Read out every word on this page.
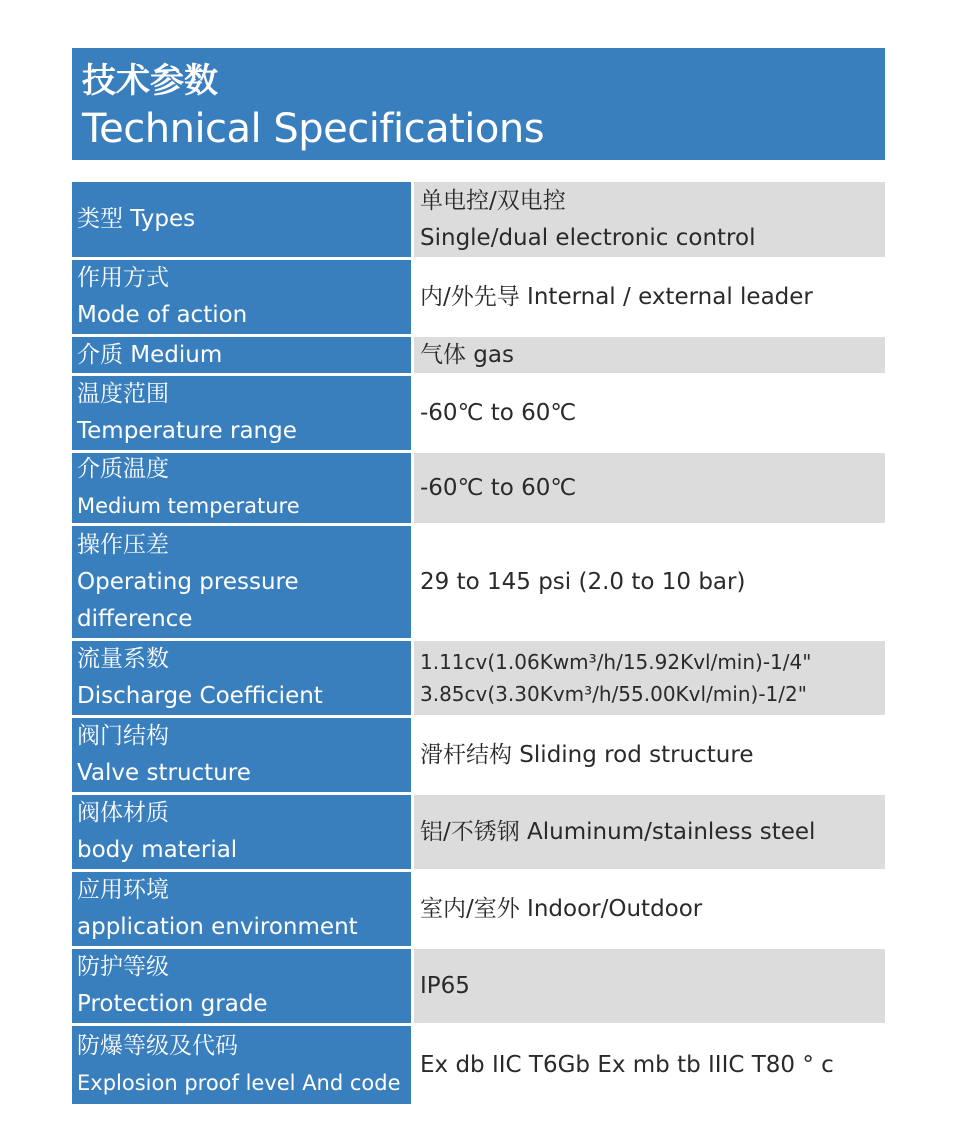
技术参数
Technical Specifications
类型 Types
单电控/双电控
Single/dual electronic control
作用方式
Mode of action
内/外先导 Internal / external leader
介质 Medium	气体 gas
温度范围
Temperature range
-60℃ to 60℃
介质温度
Medium temperature
-60℃ to 60℃
操作压差
Operating pressure
difference
29 to 145 psi (2.0 to 10 bar)
流量系数
Discharge Coefficient
1.11cv(1.06Kwm³/h/15.92Kvl/min)-1/4"
3.85cv(3.30Kvm³/h/55.00Kvl/min)-1/2"
阀门结构
Valve structure
滑杆结构 Sliding rod structure
阀体材质
body material
铝/不锈钢 Aluminum/stainless steel
应用环境
application environment
室内/室外 Indoor/Outdoor
防护等级
Protection grade
IP65
防爆等级及代码
Explosion proof level And code
Ex db IIC T6Gb Ex mb tb IIIC T80 ° c
